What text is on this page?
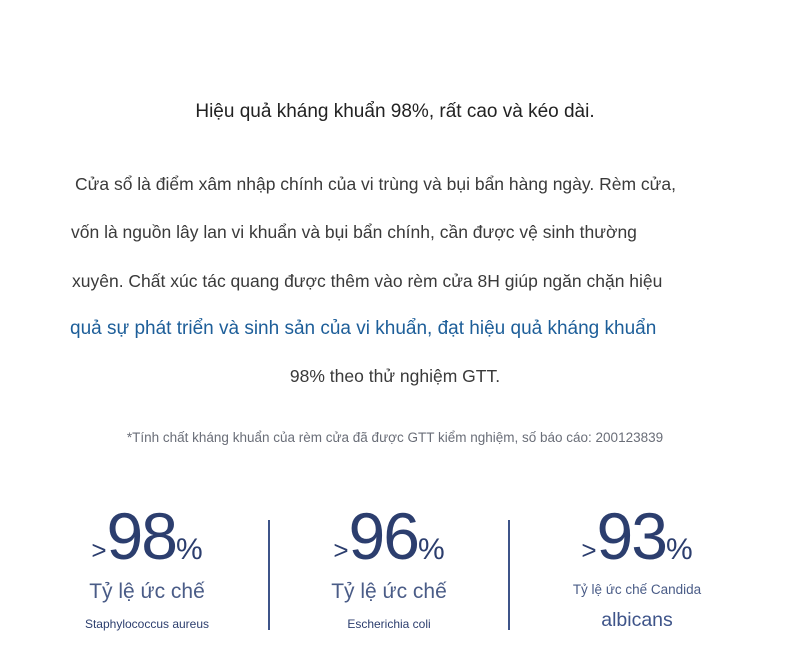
Hiệu quả kháng khuẩn 98%, rất cao và kéo dài.
Cửa sổ là điểm xâm nhập chính của vi trùng và bụi bẩn hàng ngày. Rèm cửa,
vốn là nguồn lây lan vi khuẩn và bụi bẩn chính, cần được vệ sinh thường
xuyên. Chất xúc tác quang được thêm vào rèm cửa 8H giúp ngăn chặn hiệu
quả sự phát triển và sinh sản của vi khuẩn, đạt hiệu quả kháng khuẩn
98% theo thử nghiệm GTT.
*Tính chất kháng khuẩn của rèm cửa đã được GTT kiểm nghiệm, số báo cáo: 200123839
>98%
Tỷ lệ ức chế
Staphylococcus aureus
>96%
Tỷ lệ ức chế
Escherichia coli
>93%
Tỷ lệ ức chế Candida
albicans
